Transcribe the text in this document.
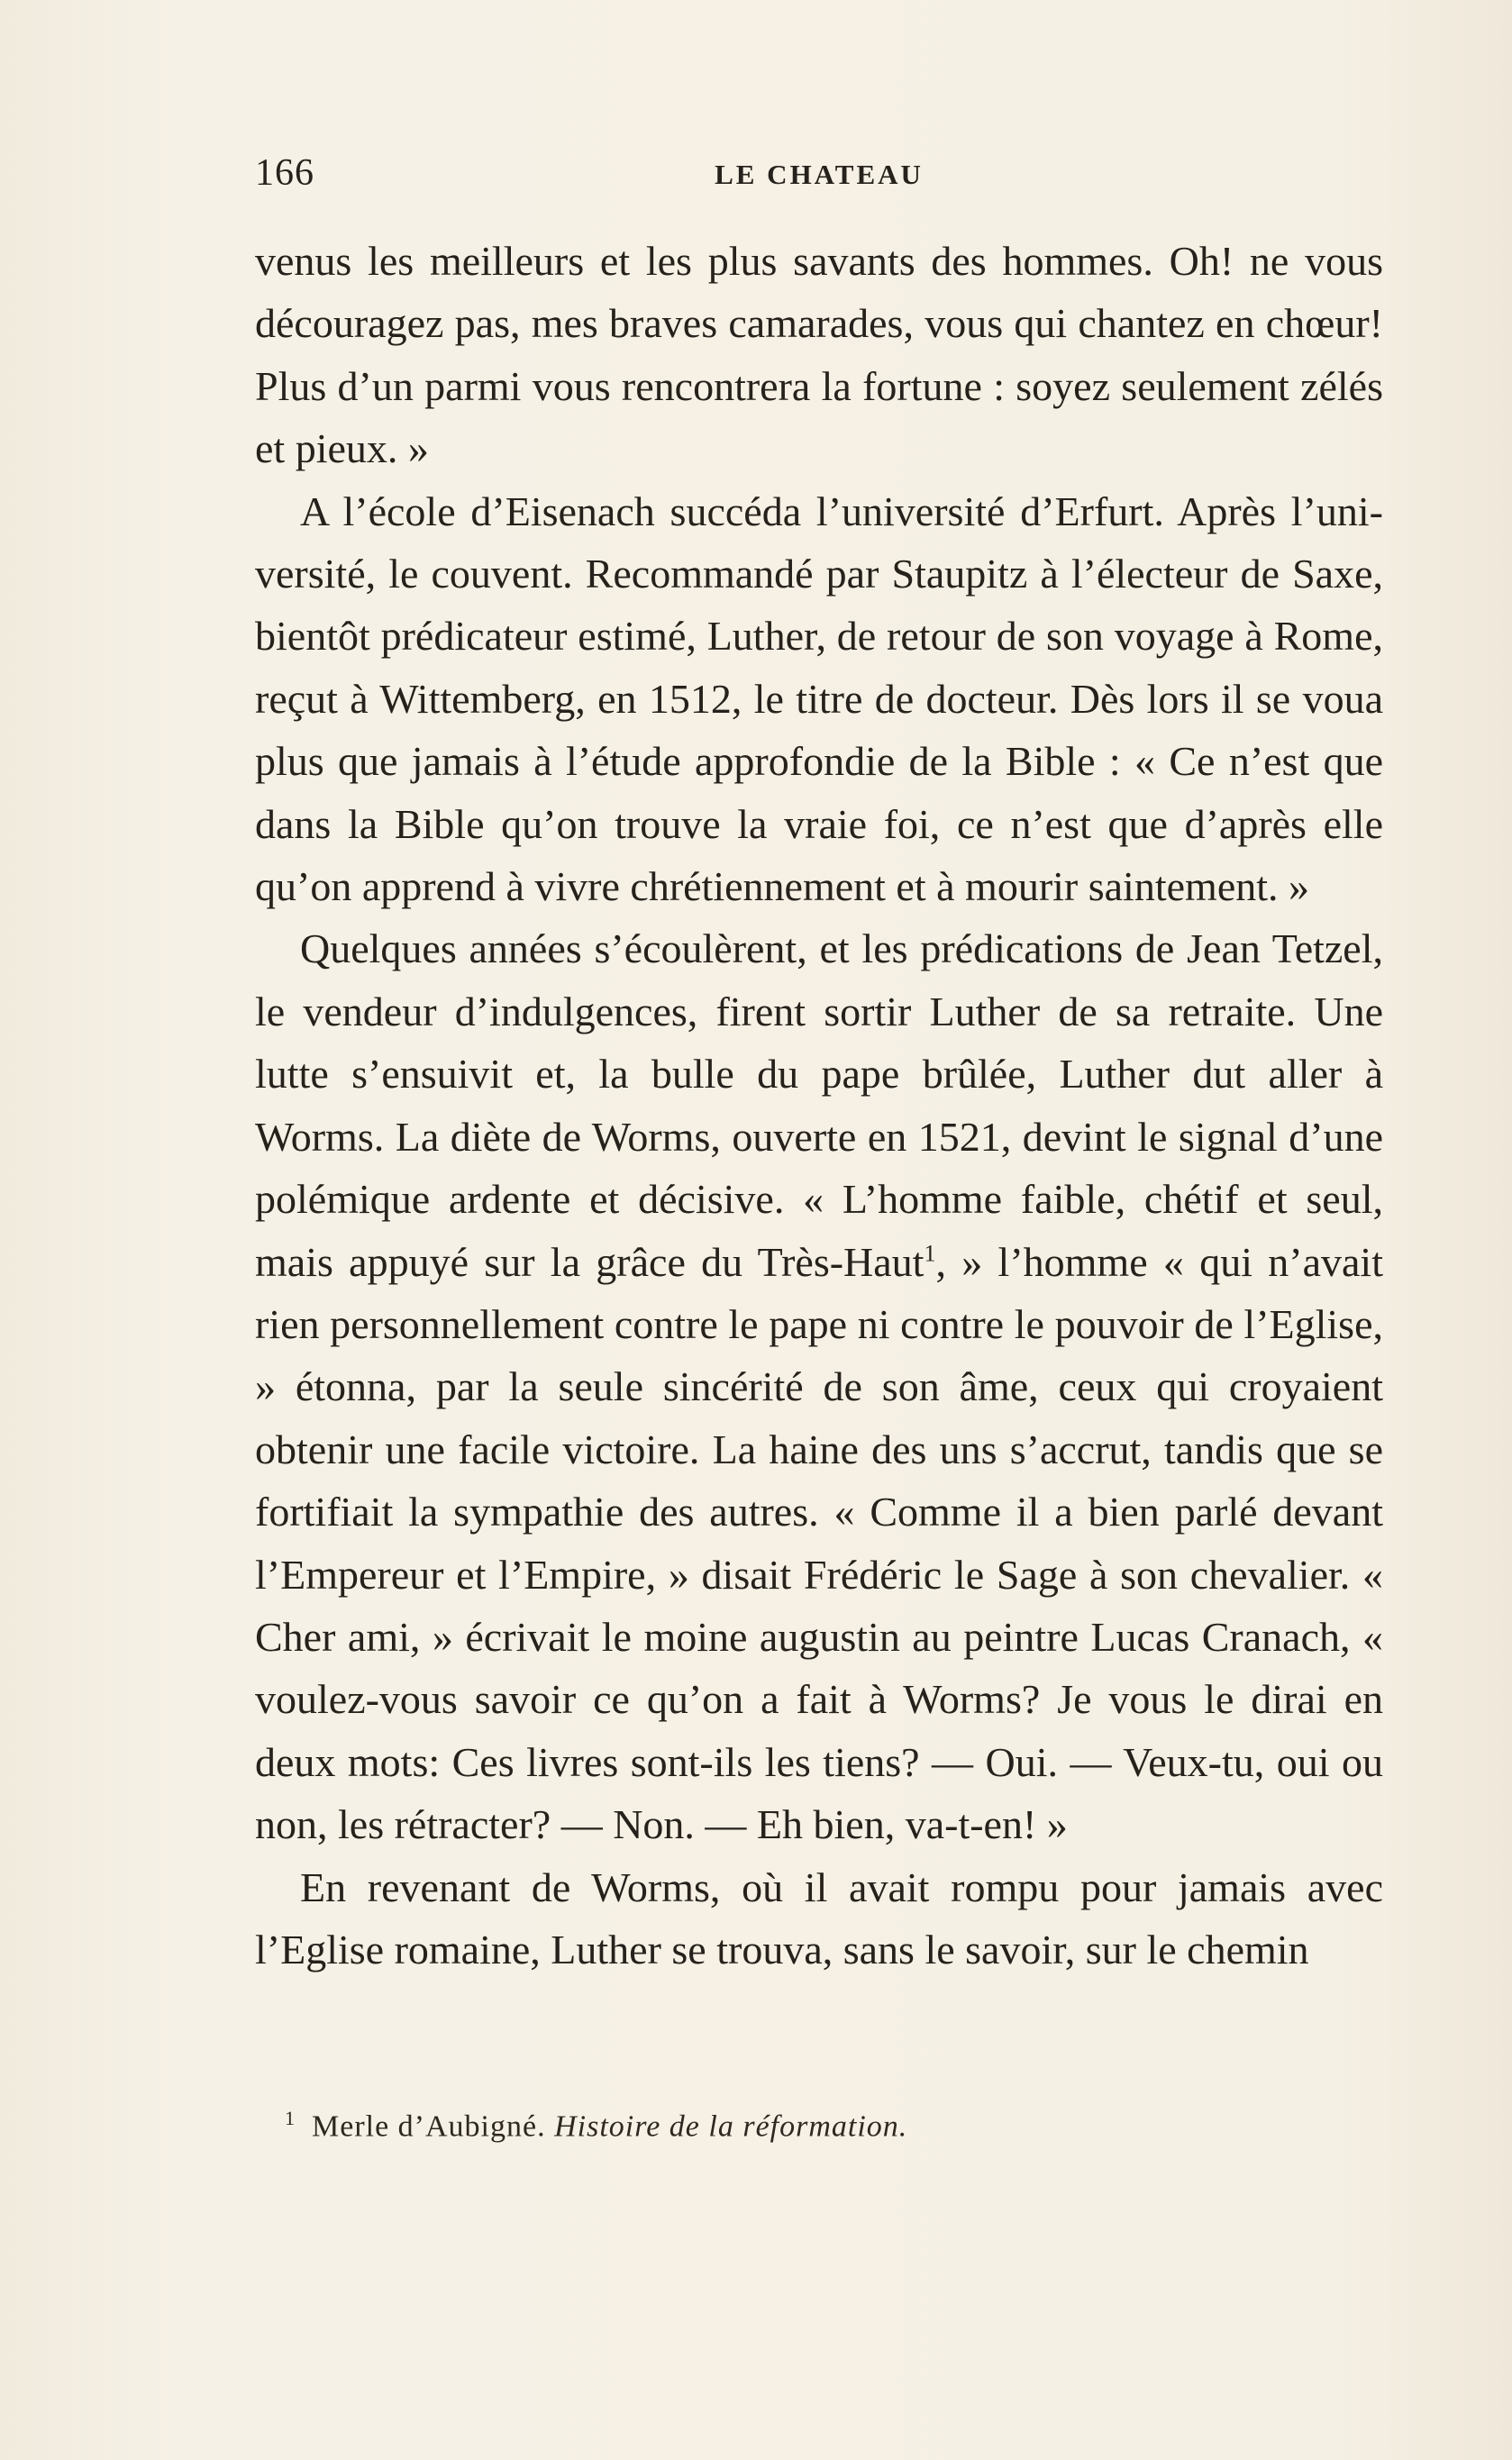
166	LE CHATEAU

venus les meilleurs et les plus savants des hommes. Oh! ne vous découragez pas, mes braves camarades, vous qui chantez en chœur! Plus d’un parmi vous rencontrera la fortune : soyez seulement zélés et pieux. »

A l’école d’Eisenach succéda l’université d’Erfurt. Après l’université, le couvent. Recommandé par Staupitz à l’électeur de Saxe, bientôt prédicateur estimé, Luther, de retour de son voyage à Rome, reçut à Wittemberg, en 1512, le titre de docteur. Dès lors il se voua plus que jamais à l’étude approfondie de la Bible : « Ce n’est que dans la Bible qu’on trouve la vraie foi, ce n’est que d’après elle qu’on apprend à vivre chrétiennement et à mourir saintement. »

Quelques années s’écoulèrent, et les prédications de Jean Tetzel, le vendeur d’indulgences, firent sortir Luther de sa retraite. Une lutte s’ensuivit et, la bulle du pape brûlée, Luther dut aller à Worms. La diète de Worms, ouverte en 1521, devint le signal d’une polémique ardente et décisive. « L’homme faible, chétif et seul, mais appuyé sur la grâce du Très-Haut$^1$, » l’homme « qui n’avait rien personnellement contre le pape ni contre le pouvoir de l’Eglise, » étonna, par la seule sincérité de son âme, ceux qui croyaient obtenir une facile victoire. La haine des uns s’accrut, tandis que se fortifiait la sympathie des autres. « Comme il a bien parlé devant l’Empereur et l’Empire, » disait Frédéric le Sage à son chevalier. « Cher ami, » écrivait le moine augustin au peintre Lucas Cranach, « voulez-vous savoir ce qu’on a fait à Worms? Je vous le dirai en deux mots: Ces livres sont-ils les tiens? — Oui. — Veux-tu, oui ou non, les rétracter? — Non. — Eh bien, va-t-en! »

En revenant de Worms, où il avait rompu pour jamais avec l’Eglise romaine, Luther se trouva, sans le savoir, sur le chemin

$^1$ Merle d’Aubigné. Histoire de la réformation.
